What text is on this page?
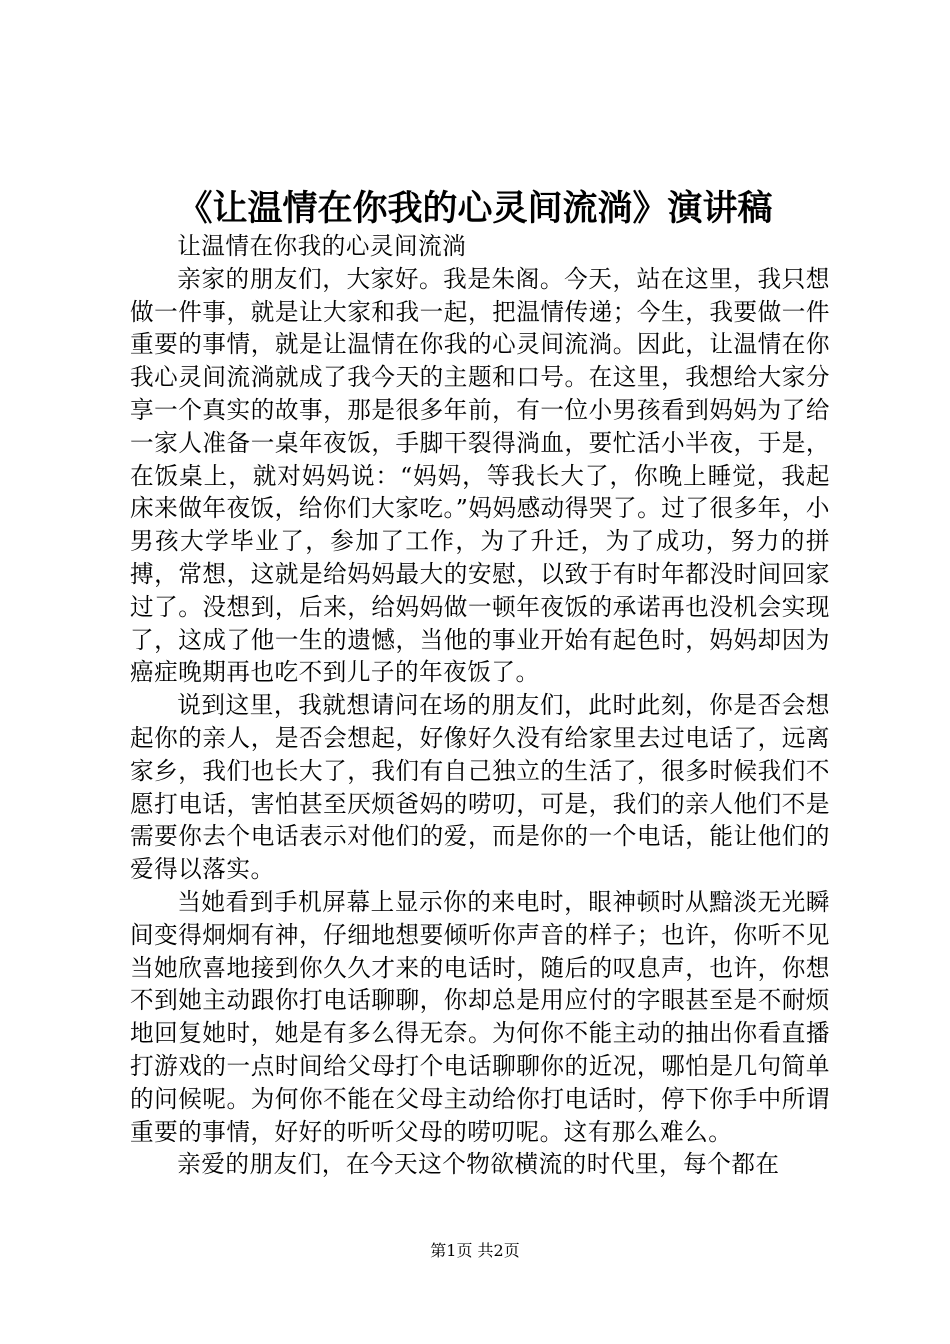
《让温情在你我的心灵间流淌》演讲稿

让温情在你我的心灵间流淌

亲家的朋友们，大家好。我是朱阁。今天，站在这里，我只想做一件事，就是让大家和我一起，把温情传递；今生，我要做一件重要的事情，就是让温情在你我的心灵间流淌。因此，让温情在你我心灵间流淌就成了我今天的主题和口号。在这里，我想给大家分享一个真实的故事，那是很多年前，有一位小男孩看到妈妈为了给一家人准备一桌年夜饭，手脚干裂得淌血，要忙活小半夜，于是，在饭桌上，就对妈妈说：“妈妈，等我长大了，你晚上睡觉，我起床来做年夜饭，给你们大家吃。”妈妈感动得哭了。过了很多年，小男孩大学毕业了，参加了工作，为了升迁，为了成功，努力的拼搏，常想，这就是给妈妈最大的安慰，以致于有时年都没时间回家过了。没想到，后来，给妈妈做一顿年夜饭的承诺再也没机会实现了，这成了他一生的遗憾，当他的事业开始有起色时，妈妈却因为癌症晚期再也吃不到儿子的年夜饭了。

说到这里，我就想请问在场的朋友们，此时此刻，你是否会想起你的亲人，是否会想起，好像好久没有给家里去过电话了，远离家乡，我们也长大了，我们有自己独立的生活了，很多时候我们不愿打电话，害怕甚至厌烦爸妈的唠叨，可是，我们的亲人他们不是需要你去个电话表示对他们的爱，而是你的一个电话，能让他们的爱得以落实。

当她看到手机屏幕上显示你的来电时，眼神顿时从黯淡无光瞬间变得炯炯有神，仔细地想要倾听你声音的样子；也许，你听不见当她欣喜地接到你久久才来的电话时，随后的叹息声，也许，你想不到她主动跟你打电话聊聊，你却总是用应付的字眼甚至是不耐烦地回复她时，她是有多么得无奈。为何你不能主动的抽出你看直播打游戏的一点时间给父母打个电话聊聊你的近况，哪怕是几句简单的问候呢。为何你不能在父母主动给你打电话时，停下你手中所谓重要的事情，好好的听听父母的唠叨呢。这有那么难么。

亲爱的朋友们，在今天这个物欲横流的时代里，每个都在

第1页 共2页
